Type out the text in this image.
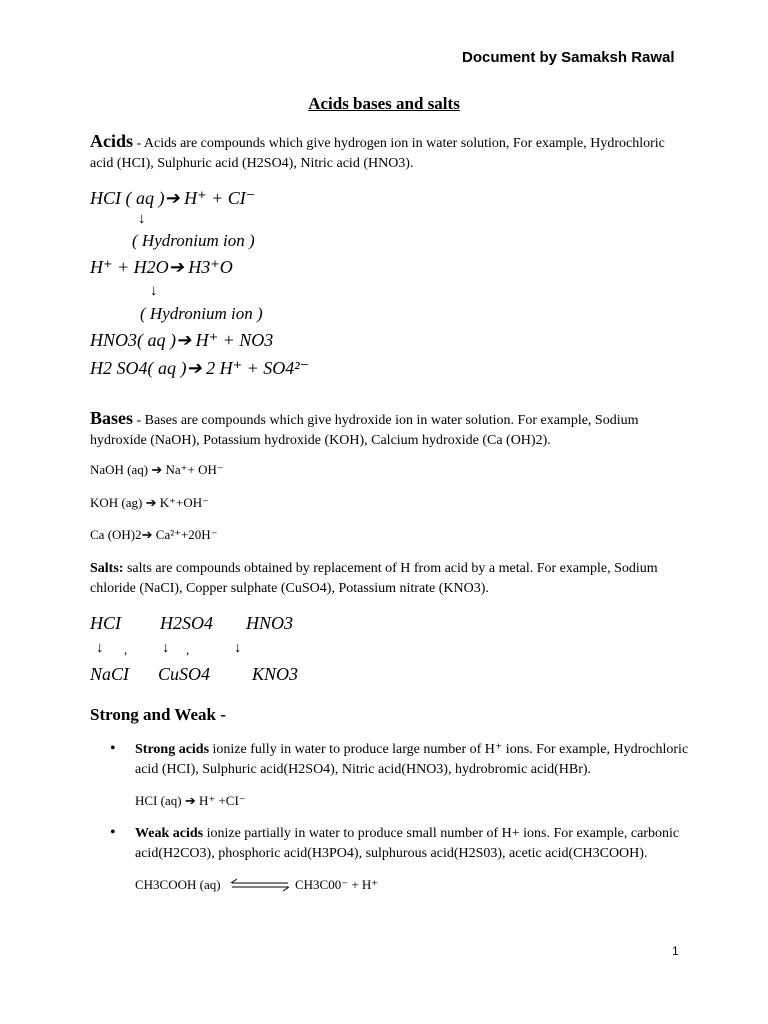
Document by Samaksh Rawal
Acids bases and salts
Acids - Acids are compounds which give hydrogen ion in water solution, For example, Hydrochloric acid (HCI), Sulphuric acid (H2SO4), Nitric acid (HNO3).
HCI ( aq )➔ H⁺ + CI⁻
↓
( Hydronium ion )
H⁺ + H2O➔ H3⁺O
↓
( Hydronium ion )
HNO3( aq )➔ H⁺ + NO3
H2 SO4( aq )➔ 2 H⁺ + SO4²⁻
Bases - Bases are compounds which give hydroxide ion in water solution. For example, Sodium hydroxide (NaOH), Potassium hydroxide (KOH), Calcium hydroxide (Ca (OH)2).
NaOH (aq) ➔ Na⁺+ OH⁻
KOH (ag) ➔ K⁺+OH⁻
Ca (OH)2➔ Ca²⁺+20H⁻
Salts: salts are compounds obtained by replacement of H from acid by a metal. For example, Sodium chloride (NaCI), Copper sulphate (CuSO4), Potassium nitrate (KNO3).
HCI H2SO4 HNO3
↓ , ↓ ,	↓
NaCI CuSO4 KNO3
Strong and Weak -
• Strong acids ionize fully in water to produce large number of H⁺ ions. For example, Hydrochloric acid (HCI), Sulphuric acid(H2SO4), Nitric acid(HNO3), hydrobromic acid(HBr).
HCI (aq) ➔ H⁺ +CI⁻
• Weak acids ionize partially in water to produce small number of H+ ions. For example, carbonic acid(H2CO3), phosphoric acid(H3PO4), sulphurous acid(H2S03), acetic acid(CH3COOH).
CH3COOH (aq) ⇌ CH3C00⁻ + H⁺
1
